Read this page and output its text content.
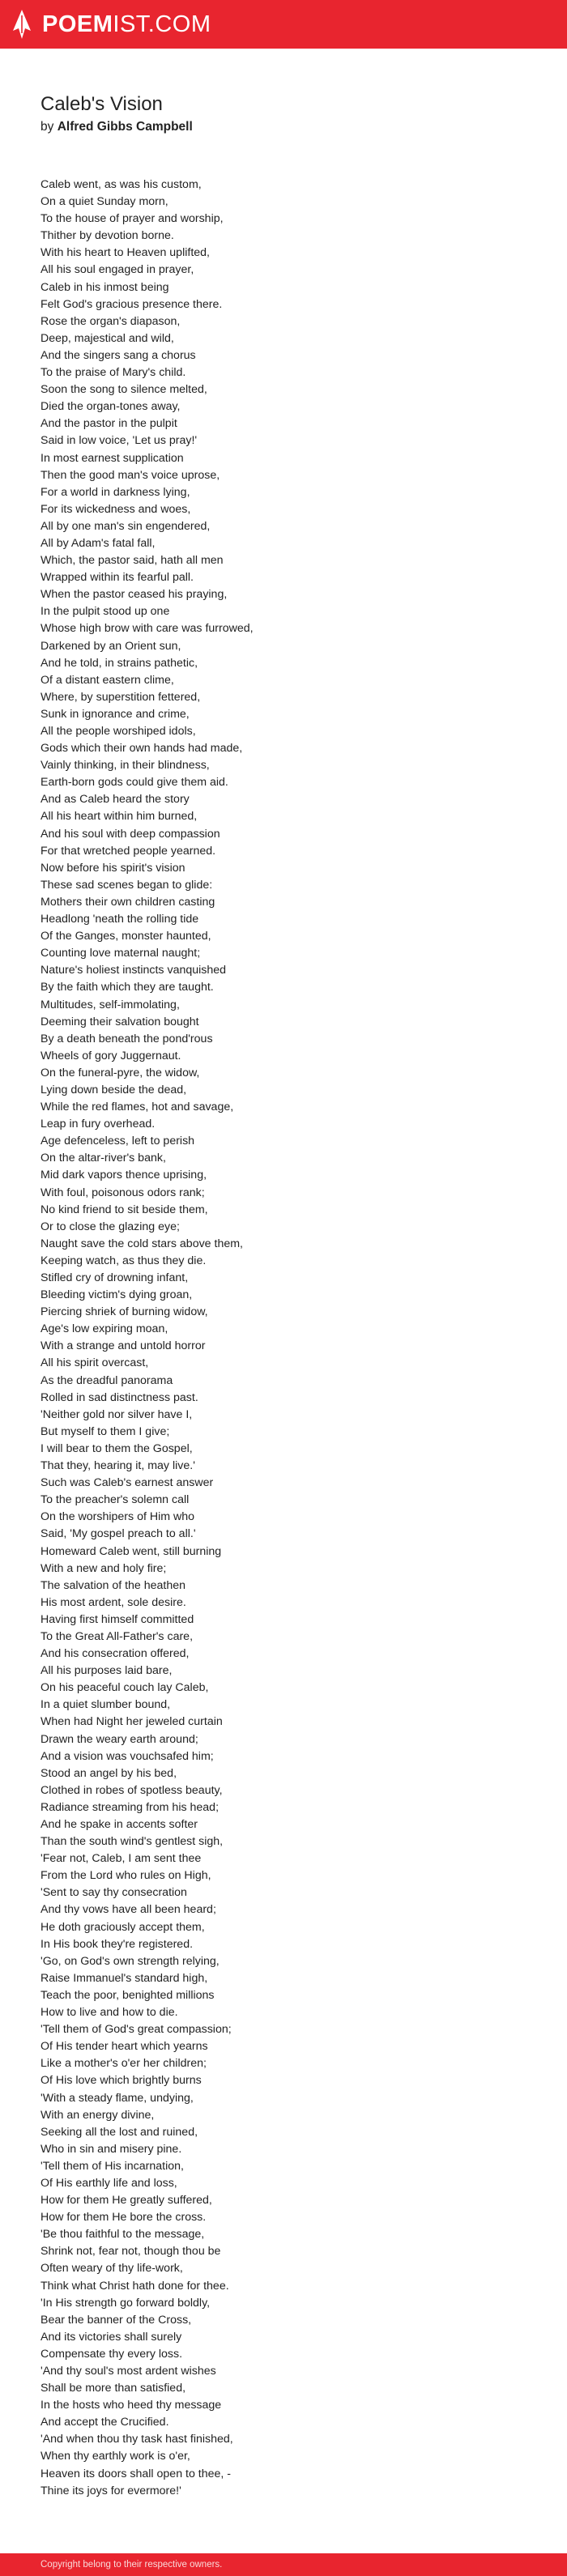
POEMIST.COM
Caleb's Vision
by Alfred Gibbs Campbell
Caleb went, as was his custom,
On a quiet Sunday morn,
To the house of prayer and worship,
Thither by devotion borne.
With his heart to Heaven uplifted,
All his soul engaged in prayer,
Caleb in his inmost being
Felt God's gracious presence there.
Rose the organ's diapason,
Deep, majestical and wild,
And the singers sang a chorus
To the praise of Mary's child.
Soon the song to silence melted,
Died the organ-tones away,
And the pastor in the pulpit
Said in low voice, 'Let us pray!'
In most earnest supplication
Then the good man's voice uprose,
For a world in darkness lying,
For its wickedness and woes,
All by one man's sin engendered,
All by Adam's fatal fall,
Which, the pastor said, hath all men
Wrapped within its fearful pall.
When the pastor ceased his praying,
In the pulpit stood up one
Whose high brow with care was furrowed,
Darkened by an Orient sun,
And he told, in strains pathetic,
Of a distant eastern clime,
Where, by superstition fettered,
Sunk in ignorance and crime,
All the people worshiped idols,
Gods which their own hands had made,
Vainly thinking, in their blindness,
Earth-born gods could give them aid.
And as Caleb heard the story
All his heart within him burned,
And his soul with deep compassion
For that wretched people yearned.
Now before his spirit's vision
These sad scenes began to glide:
Mothers their own children casting
Headlong 'neath the rolling tide
Of the Ganges, monster haunted,
Counting love maternal naught;
Nature's holiest instincts vanquished
By the faith which they are taught.
Multitudes, self-immolating,
Deeming their salvation bought
By a death beneath the pond'rous
Wheels of gory Juggernaut.
On the funeral-pyre, the widow,
Lying down beside the dead,
While the red flames, hot and savage,
Leap in fury overhead.
Age defenceless, left to perish
On the altar-river's bank,
Mid dark vapors thence uprising,
With foul, poisonous odors rank;
No kind friend to sit beside them,
Or to close the glazing eye;
Naught save the cold stars above them,
Keeping watch, as thus they die.
Stifled cry of drowning infant,
Bleeding victim's dying groan,
Piercing shriek of burning widow,
Age's low expiring moan,
With a strange and untold horror
All his spirit overcast,
As the dreadful panorama
Rolled in sad distinctness past.
'Neither gold nor silver have I,
But myself to them I give;
I will bear to them the Gospel,
That they, hearing it, may live.'
Such was Caleb's earnest answer
To the preacher's solemn call
On the worshipers of Him who
Said, 'My gospel preach to all.'
Homeward Caleb went, still burning
With a new and holy fire;
The salvation of the heathen
His most ardent, sole desire.
Having first himself committed
To the Great All-Father's care,
And his consecration offered,
All his purposes laid bare,
On his peaceful couch lay Caleb,
In a quiet slumber bound,
When had Night her jeweled curtain
Drawn the weary earth around;
And a vision was vouchsafed him;
Stood an angel by his bed,
Clothed in robes of spotless beauty,
Radiance streaming from his head;
And he spake in accents softer
Than the south wind's gentlest sigh,
'Fear not, Caleb, I am sent thee
From the Lord who rules on High,
'Sent to say thy consecration
And thy vows have all been heard;
He doth graciously accept them,
In His book they're registered.
'Go, on God's own strength relying,
Raise Immanuel's standard high,
Teach the poor, benighted millions
How to live and how to die.
'Tell them of God's great compassion;
Of His tender heart which yearns
Like a mother's o'er her children;
Of His love which brightly burns
'With a steady flame, undying,
With an energy divine,
Seeking all the lost and ruined,
Who in sin and misery pine.
'Tell them of His incarnation,
Of His earthly life and loss,
How for them He greatly suffered,
How for them He bore the cross.
'Be thou faithful to the message,
Shrink not, fear not, though thou be
Often weary of thy life-work,
Think what Christ hath done for thee.
'In His strength go forward boldly,
Bear the banner of the Cross,
And its victories shall surely
Compensate thy every loss.
'And thy soul's most ardent wishes
Shall be more than satisfied,
In the hosts who heed thy message
And accept the Crucified.
'And when thou thy task hast finished,
When thy earthly work is o'er,
Heaven its doors shall open to thee, -
Thine its joys for evermore!'
Copyright belong to their respective owners.
